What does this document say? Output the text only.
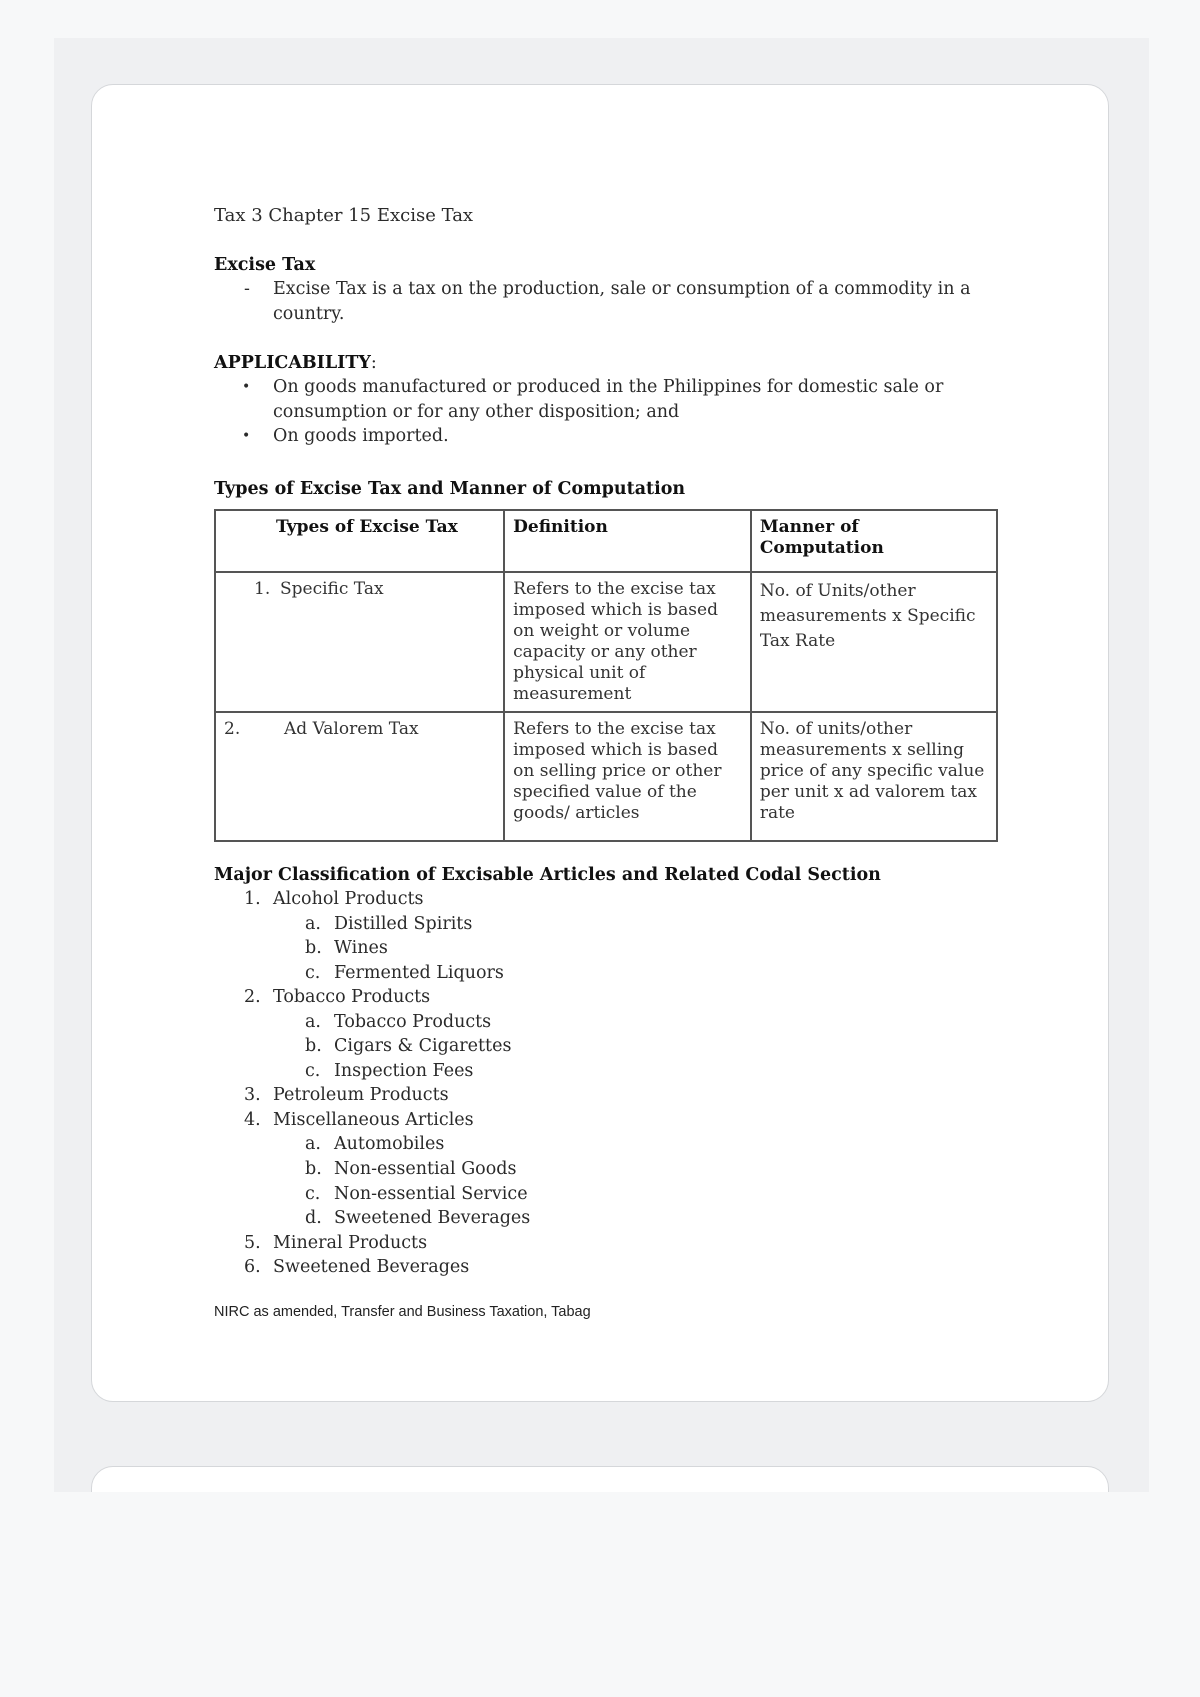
Tax 3 Chapter 15 Excise Tax
Excise Tax
- Excise Tax is a tax on the production, sale or consumption of a commodity in a
country.
APPLICABILITY:
• On goods manufactured or produced in the Philippines for domestic sale or
consumption or for any other disposition; and
• On goods imported.
Types of Excise Tax and Manner of Computation
Types of Excise Tax	Definition	Manner of Computation
1. Specific Tax	Refers to the excise tax imposed which is based on weight or volume capacity or any other physical unit of measurement	No. of Units/other measurements x Specific Tax Rate
2. Ad Valorem Tax	Refers to the excise tax imposed which is based on selling price or other specified value of the goods/ articles	No. of units/other measurements x selling price of any specific value per unit x ad valorem tax rate
Major Classification of Excisable Articles and Related Codal Section
1. Alcohol Products
a. Distilled Spirits
b. Wines
c. Fermented Liquors
2. Tobacco Products
a. Tobacco Products
b. Cigars & Cigarettes
c. Inspection Fees
3. Petroleum Products
4. Miscellaneous Articles
a. Automobiles
b. Non-essential Goods
c. Non-essential Service
d. Sweetened Beverages
5. Mineral Products
6. Sweetened Beverages
NIRC as amended, Transfer and Business Taxation, Tabag
